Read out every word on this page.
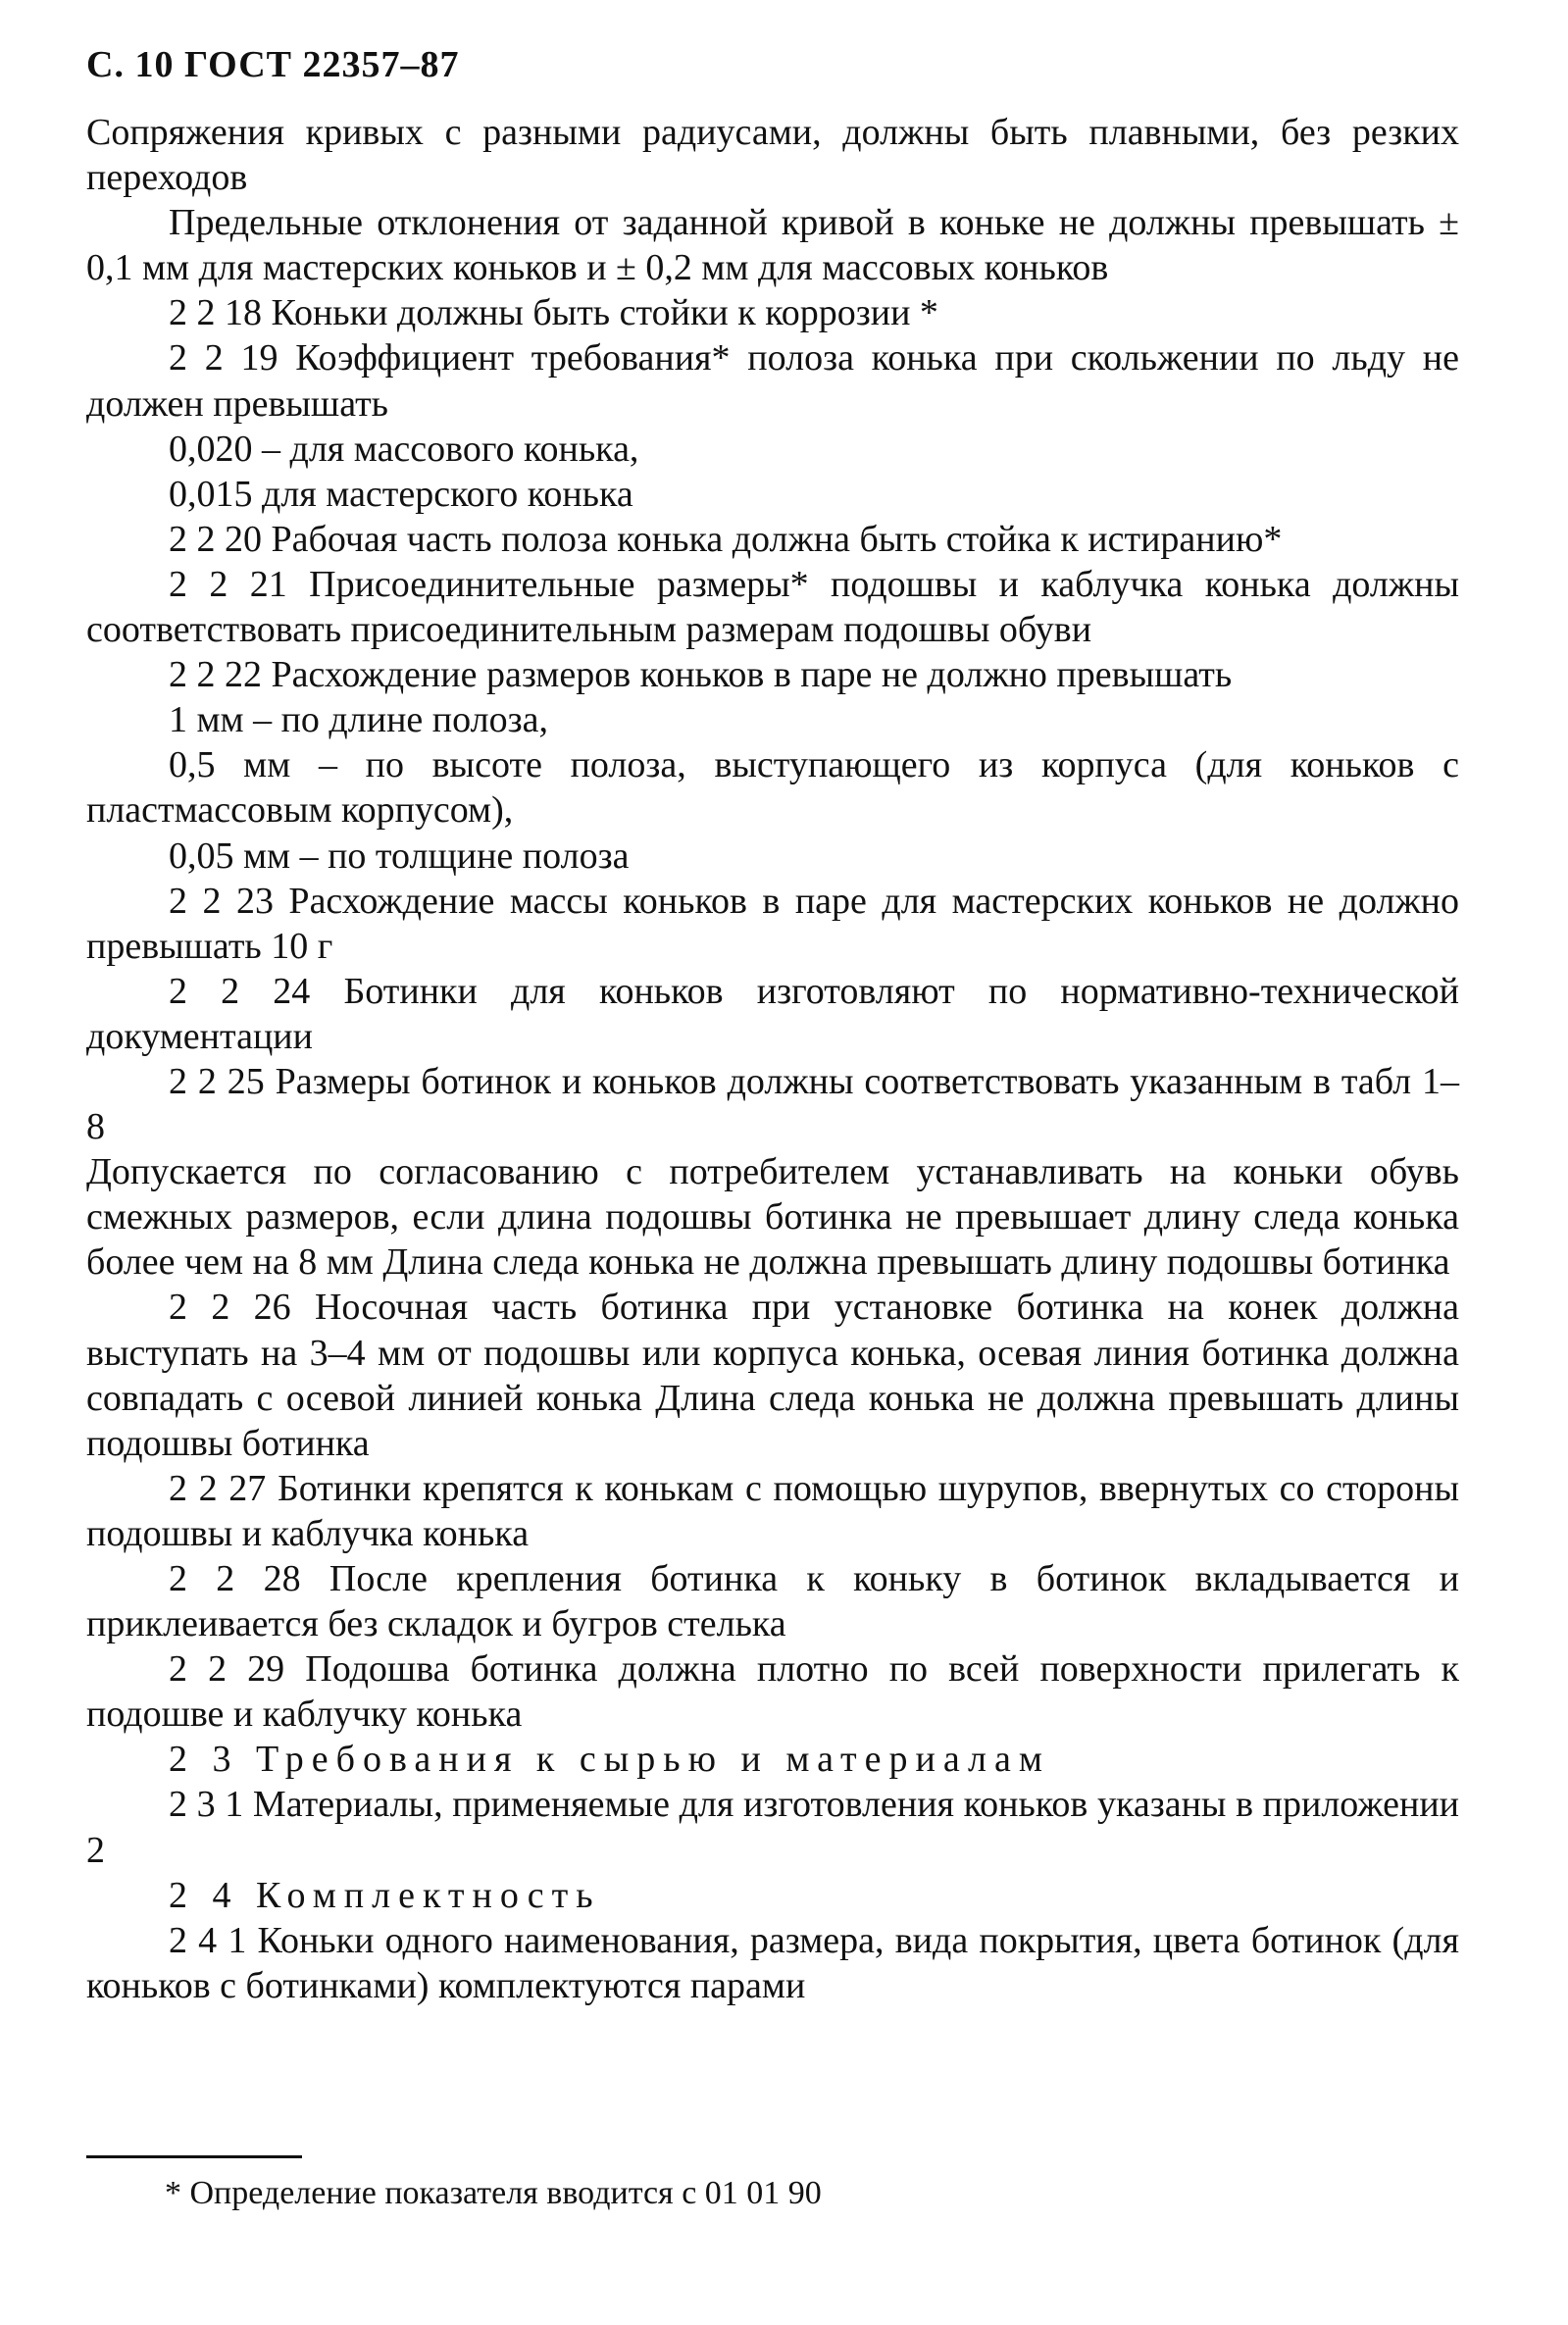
С. 10 ГОСТ 22357–87

Сопряжения кривых с разными радиусами, должны быть плавными, без резких переходов

Предельные отклонения от заданной кривой в коньке не должны превышать ± 0,1 мм для мастерских коньков и ± 0,2 мм для массовых коньков

2 2 18 Коньки должны быть стойки к коррозии *

2 2 19 Коэффициент требования* полоза конька при скольжении по льду не должен превышать

0,020 – для массового конька,

0,015 для мастерского конька

2 2 20 Рабочая часть полоза конька должна быть стойка к истиранию*

2 2 21 Присоединительные размеры* подошвы и каблучка конька должны соответствовать присоединительным размерам подошвы обуви

2 2 22 Расхождение размеров коньков в паре не должно превышать

1 мм – по длине полоза,

0,5 мм – по высоте полоза, выступающего из корпуса (для коньков с пластмассовым корпусом),

0,05 мм – по толщине полоза

2 2 23 Расхождение массы коньков в паре для мастерских коньков не должно превышать 10 г

2 2 24 Ботинки для коньков изготовляют по нормативно-технической документации

2 2 25 Размеры ботинок и коньков должны соответствовать указанным в табл 1–8

Допускается по согласованию с потребителем устанавливать на коньки обувь смежных размеров, если длина подошвы ботинка не превышает длину следа конька более чем на 8 мм Длина следа конька не должна превышать длину подошвы ботинка

2 2 26 Носочная часть ботинка при установке ботинка на конек должна выступать на 3–4 мм от подошвы или корпуса конька, осевая линия ботинка должна совпадать с осевой линией конька Длина следа конька не должна превышать длины подошвы ботинка

2 2 27 Ботинки крепятся к конькам с помощью шурупов, ввернутых со стороны подошвы и каблучка конька

2 2 28 После крепления ботинка к коньку в ботинок вкладывается и приклеивается без складок и бугров стелька

2 2 29 Подошва ботинка должна плотно по всей поверхности прилегать к подошве и каблучку конька

2 3 Требования к сырью и материалам

2 3 1 Материалы, применяемые для изготовления коньков указаны в приложении 2

2 4 Комплектность

2 4 1 Коньки одного наименования, размера, вида покрытия, цвета ботинок (для коньков с ботинками) комплектуются парами

* Определение показателя вводится с 01 01 90
